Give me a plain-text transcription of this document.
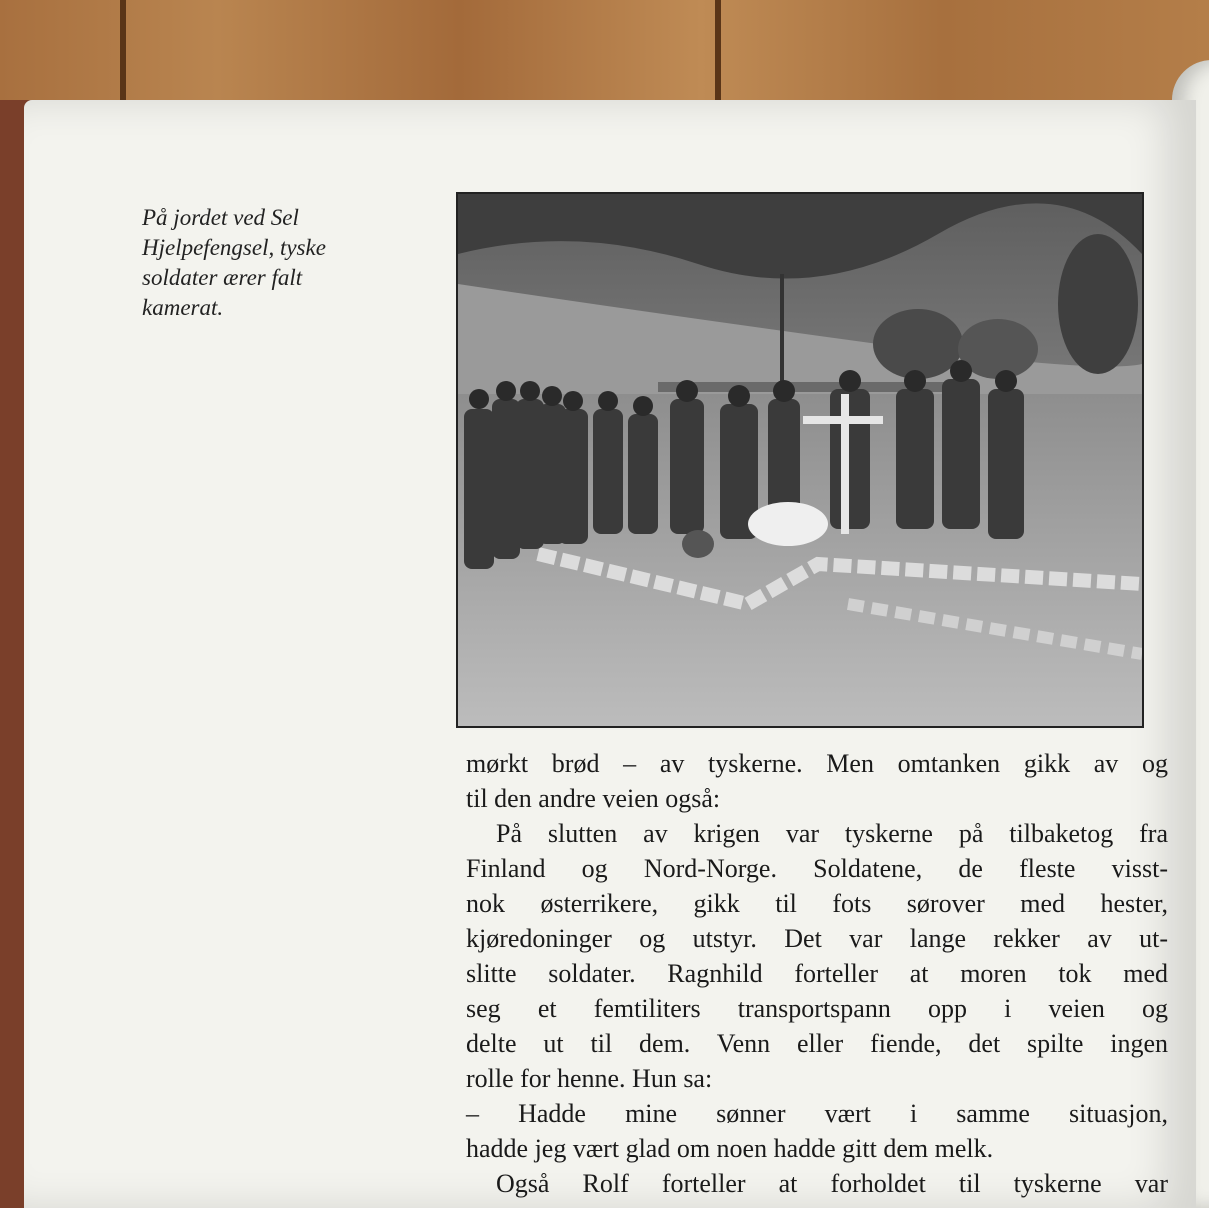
På jordet ved Sel
Hjelpefengsel, tyske
soldater ærer falt
kamerat.
mørkt brød – av tyskerne. Men omtanken gikk av og
til den andre veien også:
På slutten av krigen var tyskerne på tilbaketog fra
Finland og Nord-Norge. Soldatene, de fleste visst-
nok østerrikere, gikk til fots sørover med hester,
kjøredoninger og utstyr. Det var lange rekker av ut-
slitte soldater. Ragnhild forteller at moren tok med
seg et femtiliters transportspann opp i veien og
delte ut til dem. Venn eller fiende, det spilte ingen
rolle for henne. Hun sa:
– Hadde mine sønner vært i samme situasjon,
hadde jeg vært glad om noen hadde gitt dem melk.
Også Rolf forteller at forholdet til tyskerne var
